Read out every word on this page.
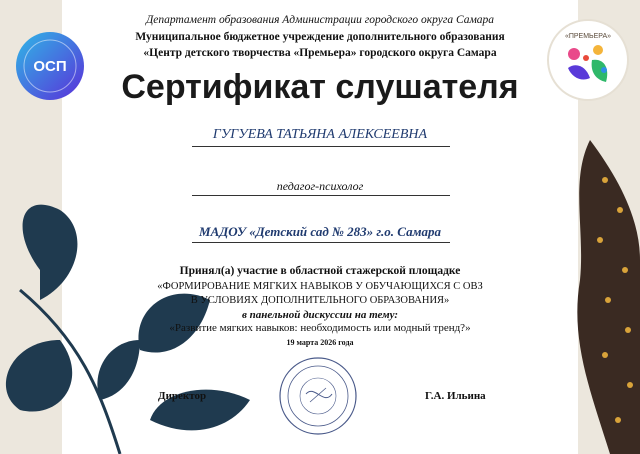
ОСП
«ПРЕМЬЕРА»
Департамент образования Администрации городского округа Самара
Муниципальное бюджетное учреждение дополнительного образования
«Центр детского творчества «Премьера» городского округа Самара
Сертификат слушателя
ГУГУЕВА ТАТЬЯНА АЛЕКСЕЕВНА
педагог-психолог
МАДОУ «Детский сад № 283» г.о. Самара
Принял(а) участие в областной стажерской площадке
«ФОРМИРОВАНИЕ МЯГКИХ НАВЫКОВ У ОБУЧАЮЩИХСЯ С ОВЗ
В УСЛОВИЯХ ДОПОЛНИТЕЛЬНОГО ОБРАЗОВАНИЯ»
в панельной дискуссии на тему:
«Развитие мягких навыков: необходимость или модный тренд?»
19 марта 2026 года
Директор	Г.А. Ильина
